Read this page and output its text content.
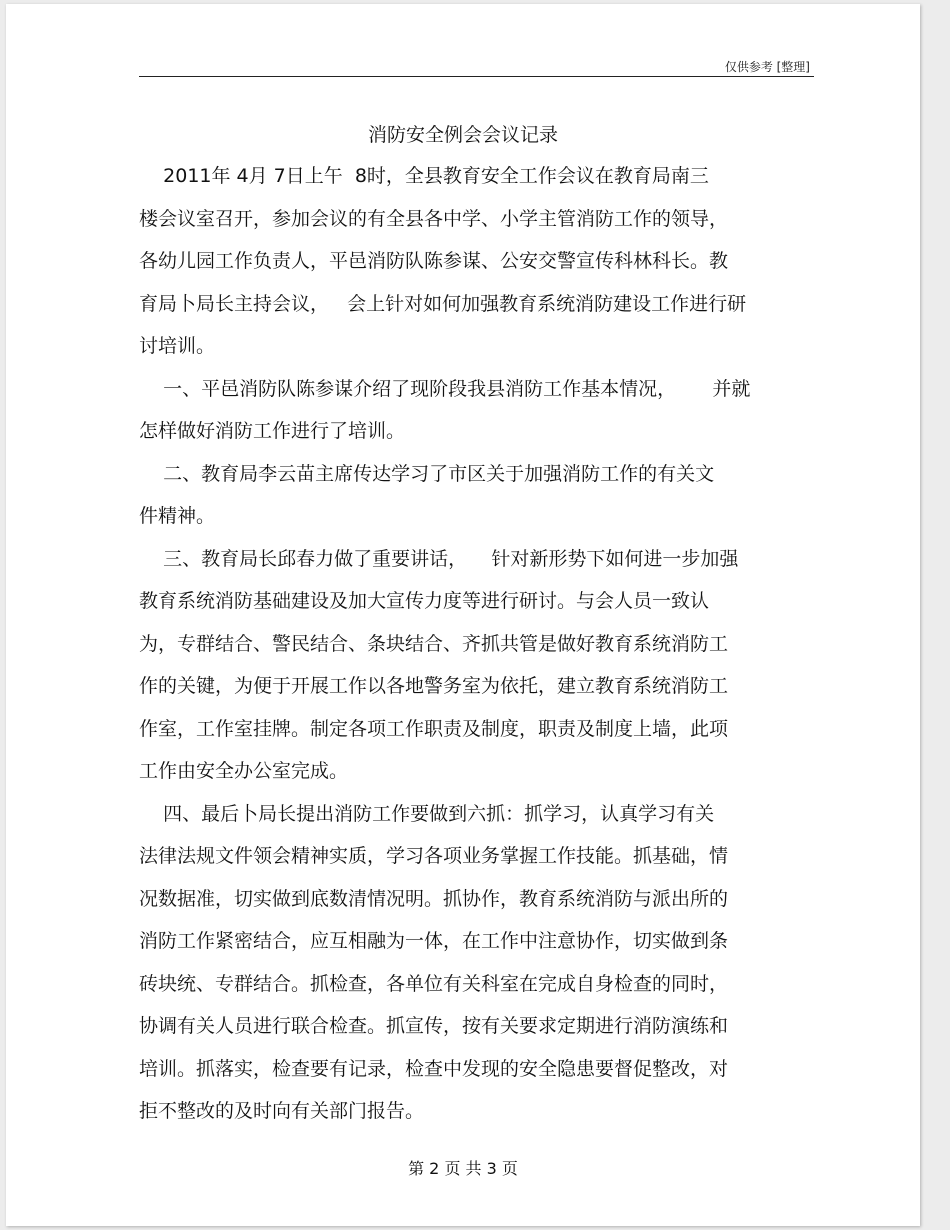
仅供参考 [整理]
消防安全例会会议记录
2011年 4月 7日上午  8时，全县教育安全工作会议在教育局南三
楼会议室召开，参加会议的有全县各中学、小学主管消防工作的领导，
各幼儿园工作负责人，平邑消防队陈参谋、公安交警宣传科林科长。教
育局卜局长主持会议，   会上针对如何加强教育系统消防建设工作进行研
讨培训。
一、平邑消防队陈参谋介绍了现阶段我县消防工作基本情况，      并就
怎样做好消防工作进行了培训。
二、教育局李云苗主席传达学习了市区关于加强消防工作的有关文
件精神。
三、教育局长邱春力做了重要讲话，    针对新形势下如何进一步加强
教育系统消防基础建设及加大宣传力度等进行研讨。与会人员一致认
为，专群结合、警民结合、条块结合、齐抓共管是做好教育系统消防工
作的关键，为便于开展工作以各地警务室为依托，建立教育系统消防工
作室，工作室挂牌。制定各项工作职责及制度，职责及制度上墙，此项
工作由安全办公室完成。
四、最后卜局长提出消防工作要做到六抓：抓学习，认真学习有关
法律法规文件领会精神实质，学习各项业务掌握工作技能。抓基础，情
况数据准，切实做到底数清情况明。抓协作，教育系统消防与派出所的
消防工作紧密结合，应互相融为一体，在工作中注意协作，切实做到条
砖块统、专群结合。抓检查，各单位有关科室在完成自身检查的同时，
协调有关人员进行联合检查。抓宣传，按有关要求定期进行消防演练和
培训。抓落实，检查要有记录，检查中发现的安全隐患要督促整改，对
拒不整改的及时向有关部门报告。
第 2 页 共 3 页
